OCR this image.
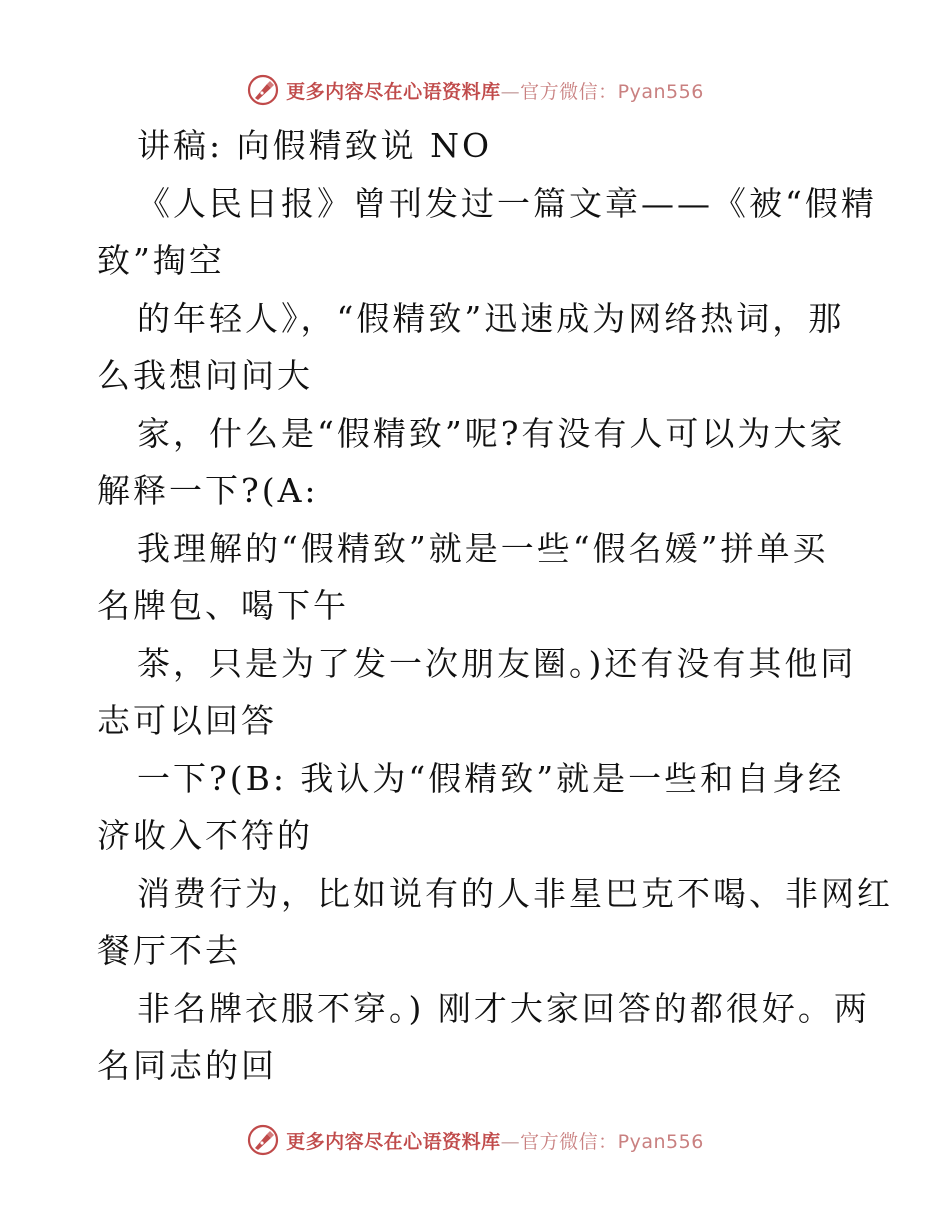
更多内容尽在心语资料库—官方微信：Pyan556
讲稿: 向假精致说 NO
《人民日报》曾刊发过一篇文章——《被“假精
致”掏空
的年轻人》，“假精致”迅速成为网络热词，那
么我想问问大
家，什么是“假精致”呢?有没有人可以为大家
解释一下?(A:
我理解的“假精致”就是一些“假名媛”拼单买
名牌包、喝下午
茶，只是为了发一次朋友圈。)还有没有其他同
志可以回答
一下?(B: 我认为“假精致”就是一些和自身经
济收入不符的
消费行为，比如说有的人非星巴克不喝、非网红
餐厅不去
非名牌衣服不穿。) 刚才大家回答的都很好。两
名同志的回
更多内容尽在心语资料库—官方微信：Pyan556
